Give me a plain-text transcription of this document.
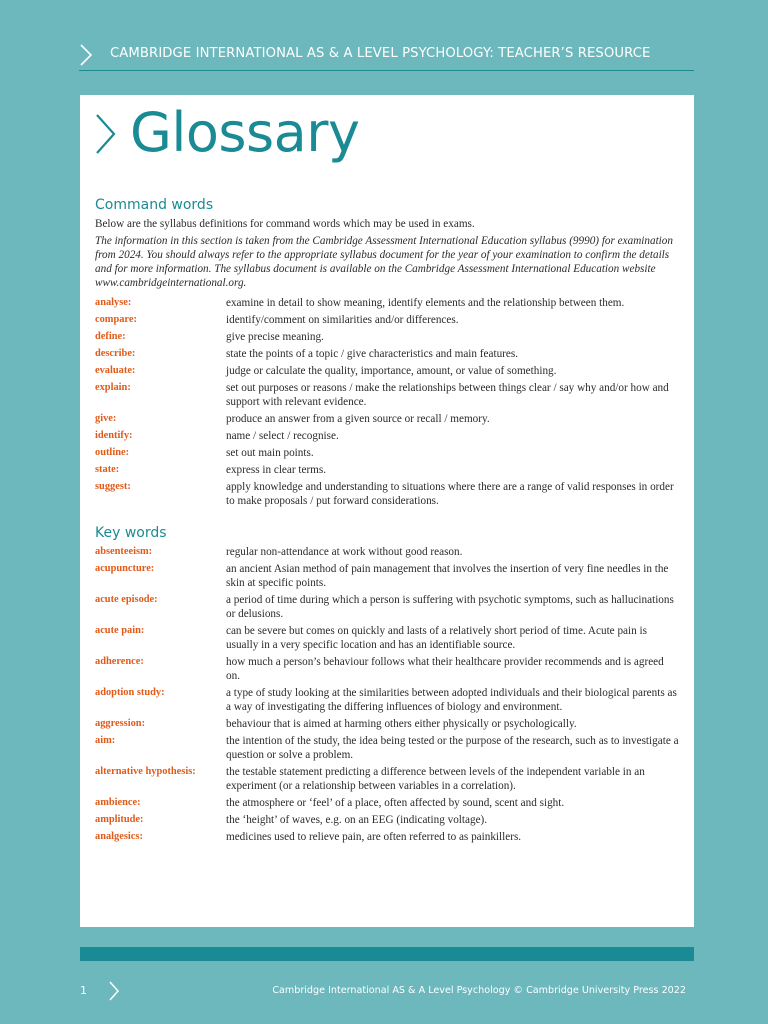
CAMBRIDGE INTERNATIONAL AS & A LEVEL PSYCHOLOGY: TEACHER’S RESOURCE
Glossary
Command words

Below are the syllabus definitions for command words which may be used in exams.

The information in this section is taken from the Cambridge Assessment International Education syllabus (9990) for examination from 2024. You should always refer to the appropriate syllabus document for the year of your examination to confirm the details and for more information. The syllabus document is available on the Cambridge Assessment International Education website www.cambridgeinternational.org.

analyse:	examine in detail to show meaning, identify elements and the relationship between them.
compare:	identify/comment on similarities and/or differences.
define:	give precise meaning.
describe:	state the points of a topic / give characteristics and main features.
evaluate:	judge or calculate the quality, importance, amount, or value of something.
explain:	set out purposes or reasons / make the relationships between things clear / say why and/or how and support with relevant evidence.
give:	produce an answer from a given source or recall / memory.
identify:	name / select / recognise.
outline:	set out main points.
state:	express in clear terms.
suggest:	apply knowledge and understanding to situations where there are a range of valid responses in order to make proposals / put forward considerations.
Key words
absenteeism:	regular non-attendance at work without good reason.
acupuncture:	an ancient Asian method of pain management that involves the insertion of very fine needles in the skin at specific points.
acute episode:	a period of time during which a person is suffering with psychotic symptoms, such as hallucinations or delusions.
acute pain:	can be severe but comes on quickly and lasts of a relatively short period of time. Acute pain is usually in a very specific location and has an identifiable source.
adherence:	how much a person’s behaviour follows what their healthcare provider recommends and is agreed on.
adoption study:	a type of study looking at the similarities between adopted individuals and their biological parents as a way of investigating the differing influences of biology and environment.
aggression:	behaviour that is aimed at harming others either physically or psychologically.
aim:	the intention of the study, the idea being tested or the purpose of the research, such as to investigate a question or solve a problem.
alternative hypothesis:	the testable statement predicting a difference between levels of the independent variable in an experiment (or a relationship between variables in a correlation).
ambience:	the atmosphere or ‘feel’ of a place, often affected by sound, scent and sight.
amplitude:	the ‘height’ of waves, e.g. on an EEG (indicating voltage).
analgesics:	medicines used to relieve pain, are often referred to as painkillers.
1	Cambridge International AS & A Level Psychology © Cambridge University Press 2022
